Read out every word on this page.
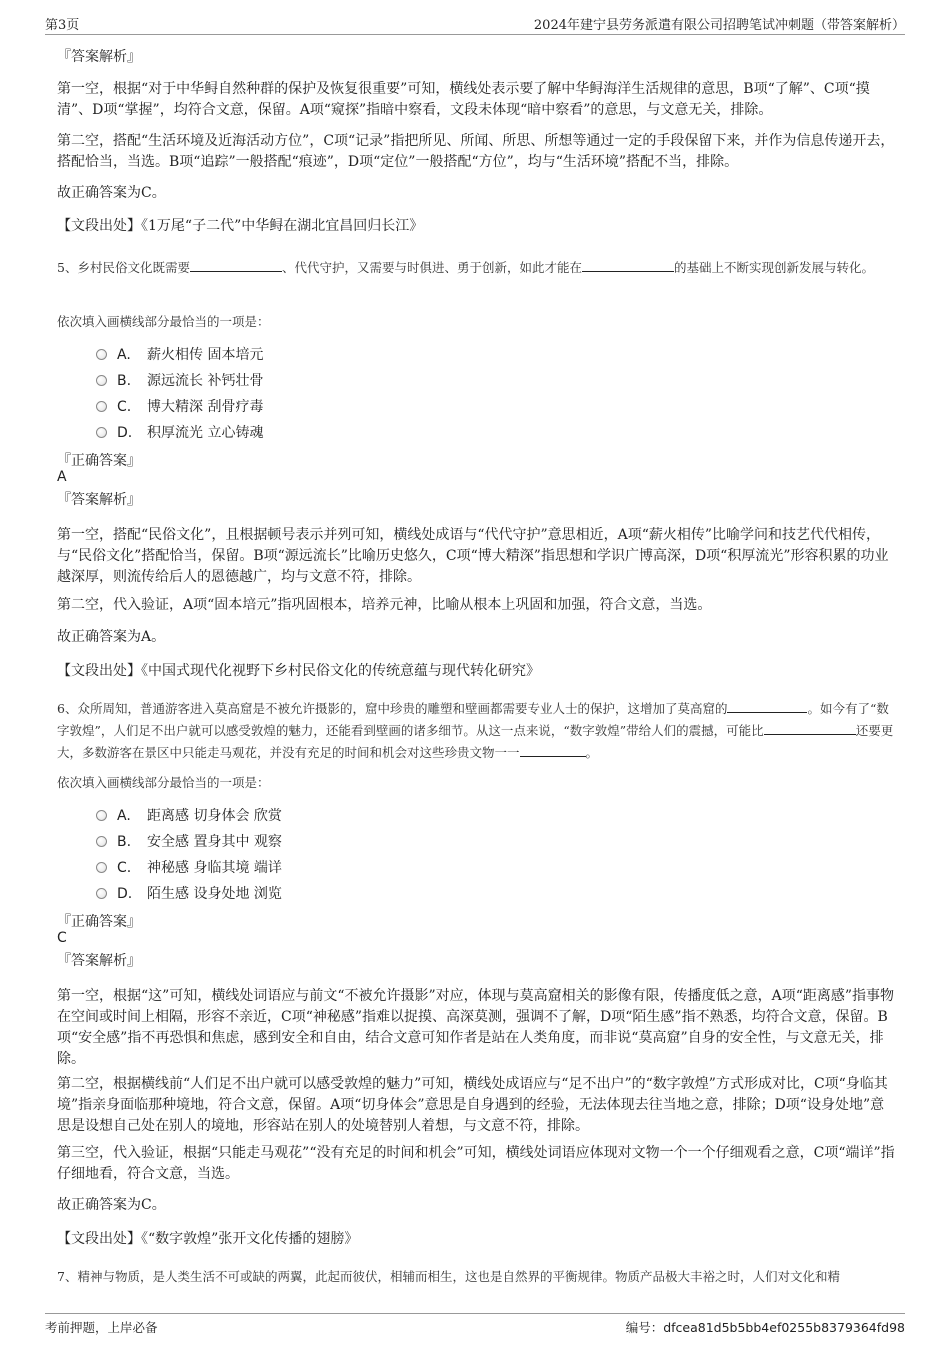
第3页	2024年建宁县劳务派遣有限公司招聘笔试冲刺题（带答案解析）

『答案解析』

第一空，根据“对于中华鲟自然种群的保护及恢复很重要”可知，横线处表示要了解中华鲟海洋生活规律的意思，B项“了解”、C项“摸清”、D项“掌握”，均符合文意，保留。A项“窥探”指暗中察看，文段未体现“暗中察看”的意思，与文意无关，排除。

第二空，搭配“生活环境及近海活动方位”，C项“记录”指把所见、所闻、所思、所想等通过一定的手段保留下来，并作为信息传递开去，搭配恰当，当选。B项“追踪”一般搭配“痕迹”，D项“定位”一般搭配“方位”，均与“生活环境”搭配不当，排除。

故正确答案为C。

【文段出处】《1万尾“子二代”中华鲟在湖北宜昌回归长江》

5、乡村民俗文化既需要	、代代守护，又需要与时俱进、勇于创新，如此才能在	的基础上不断实现创新发展与转化。

依次填入画横线部分最恰当的一项是：

A. 薪火相传 固本培元
B. 源远流长 补钙壮骨
C. 博大精深 刮骨疗毒
D. 积厚流光 立心铸魂

『正确答案』

A

『答案解析』

第一空，搭配“民俗文化”，且根据顿号表示并列可知，横线处成语与“代代守护”意思相近，A项“薪火相传”比喻学问和技艺代代相传，与“民俗文化”搭配恰当，保留。B项“源远流长”比喻历史悠久，C项“博大精深”指思想和学识广博高深，D项“积厚流光”形容积累的功业越深厚，则流传给后人的恩德越广，均与文意不符，排除。

第二空，代入验证，A项“固本培元”指巩固根本，培养元神，比喻从根本上巩固和加强，符合文意，当选。

故正确答案为A。

【文段出处】《中国式现代化视野下乡村民俗文化的传统意蕴与现代转化研究》

6、众所周知，普通游客进入莫高窟是不被允许摄影的，窟中珍贵的雕塑和壁画都需要专业人士的保护，这增加了莫高窟的	。如今有了“数字敦煌”，人们足不出户就可以感受敦煌的魅力，还能看到壁画的诸多细节。从这一点来说，“数字敦煌”带给人们的震撼，可能比	还要更大，多数游客在景区中只能走马观花，并没有充足的时间和机会对这些珍贵文物一一	。

依次填入画横线部分最恰当的一项是：

A. 距离感 切身体会 欣赏
B. 安全感 置身其中 观察
C. 神秘感 身临其境 端详
D. 陌生感 设身处地 浏览

『正确答案』

C

『答案解析』

第一空，根据“这”可知，横线处词语应与前文“不被允许摄影”对应，体现与莫高窟相关的影像有限，传播度低之意，A项“距离感”指事物在空间或时间上相隔，形容不亲近，C项“神秘感”指难以捉摸、高深莫测，强调不了解，D项“陌生感”指不熟悉，均符合文意，保留。B项“安全感”指不再恐惧和焦虑，感到安全和自由，结合文意可知作者是站在人类角度，而非说“莫高窟”自身的安全性，与文意无关，排除。

第二空，根据横线前“人们足不出户就可以感受敦煌的魅力”可知，横线处成语应与“足不出户”的“数字敦煌”方式形成对比，C项“身临其境”指亲身面临那种境地，符合文意，保留。A项“切身体会”意思是自身遇到的经验，无法体现去往当地之意，排除；D项“设身处地”意思是设想自己处在别人的境地，形容站在别人的处境替别人着想，与文意不符，排除。

第三空，代入验证，根据“只能走马观花”“没有充足的时间和机会”可知，横线处词语应体现对文物一个一个仔细观看之意，C项“端详”指仔细地看，符合文意，当选。

故正确答案为C。

【文段出处】《“数字敦煌”张开文化传播的翅膀》

7、精神与物质，是人类生活不可或缺的两翼，此起而彼伏，相辅而相生，这也是自然界的平衡规律。物质产品极大丰裕之时，人们对文化和精

考前押题，上岸必备	编号：dfcea81d5b5bb4ef0255b8379364fd98
